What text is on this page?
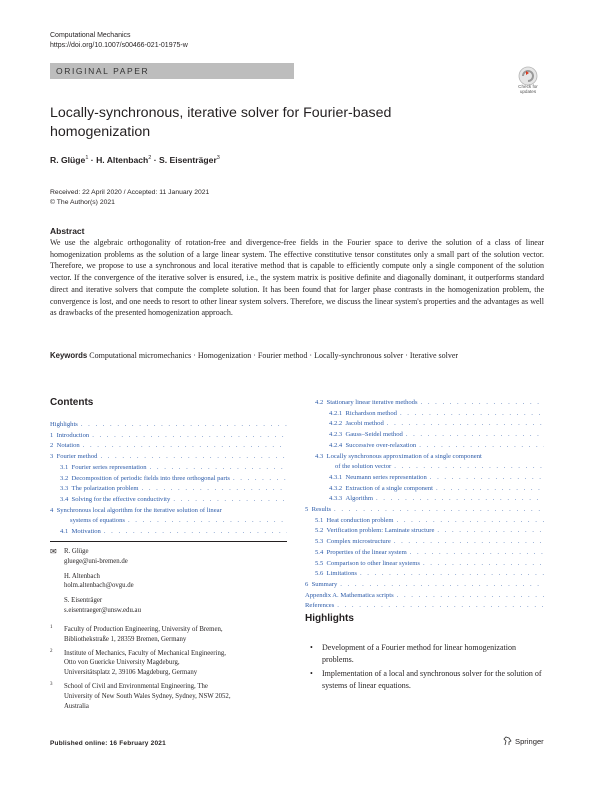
Computational Mechanics
https://doi.org/10.1007/s00466-021-01975-w
ORIGINAL PAPER
Check for
updates
Locally-synchronous, iterative solver for Fourier-based homogenization
R. Glüge$^1$ · H. Altenbach$^2$ · S. Eisenträger$^3$
Received: 22 April 2020 / Accepted: 11 January 2021
© The Author(s) 2021
Abstract
We use the algebraic orthogonality of rotation-free and divergence-free fields in the Fourier space to derive the solution of a class of linear homogenization problems as the solution of a large linear system. The effective constitutive tensor constitutes only a small part of the solution vector. Therefore, we propose to use a synchronous and local iterative method that is capable to efficiently compute only a single component of the solution vector. If the convergence of the iterative solver is ensured, i.e., the system matrix is positive definite and diagonally dominant, it outperforms standard direct and iterative solvers that compute the complete solution. It has been found that for larger phase contrasts in the homogenization problem, the convergence is lost, and one needs to resort to other linear system solvers. Therefore, we discuss the linear system's properties and the advantages as well as drawbacks of the presented homogenization approach.
Keywords Computational micromechanics · Homogenization · Fourier method · Locally-synchronous solver · Iterative solver
Contents
Highlights
. . .
1 Introduction
. . .
2 Notation
. . .
3 Fourier method
. . .
3.1 Fourier series representation
. . .
3.2 Decomposition of periodic fields into three orthogonal parts
. . .
3.3 The polarization problem
. . .
3.4 Solving for the effective conductivity
. . .
4 Synchronous local algorithm for the iterative solution of linear
systems of equations
. . .
4.1 Motivation
. . .
4.2 Stationary linear iterative methods
. . .
4.2.1 Richardson method
. . .
4.2.2 Jacobi method
. . .
4.2.3 Gauss–Seidel method
. . .
4.2.4 Successive over-relaxation
. . .
4.3 Locally synchronous approximation of a single component
of the solution vector
. . .
4.3.1 Neumann series representation
. . .
4.3.2 Extraction of a single component
. . .
4.3.3 Algorithm
. . .
5 Results
. . .
5.1 Heat conduction problem
. . .
5.2 Verification problem: Laminate structure
. . .
5.3 Complex microstructure
. . .
5.4 Properties of the linear system
. . .
5.5 Comparison to other linear systems
. . .
5.6 Limitations
. . .
6 Summary
. . .
Appendix A. Mathematica scripts
. . .
References
. . .
✉ R. Glüge
gluege@uni-bremen.de
H. Altenbach
holm.altenbach@ovgu.de
S. Eisenträger
s.eisentraeger@unsw.edu.au
1 Faculty of Production Engineering, University of Bremen,
Bibliothekstraße 1, 28359 Bremen, Germany
2 Institute of Mechanics, Faculty of Mechanical Engineering,
Otto von Guericke University Magdeburg,
Universitätsplatz 2, 39106 Magdeburg, Germany
3 School of Civil and Environmental Engineering, The
University of New South Wales Sydney, Sydney, NSW 2052,
Australia
Highlights
• Development of a Fourier method for linear homogenization problems.
• Implementation of a local and synchronous solver for the solution of systems of linear equations.
Published online: 16 February 2021	Springer
